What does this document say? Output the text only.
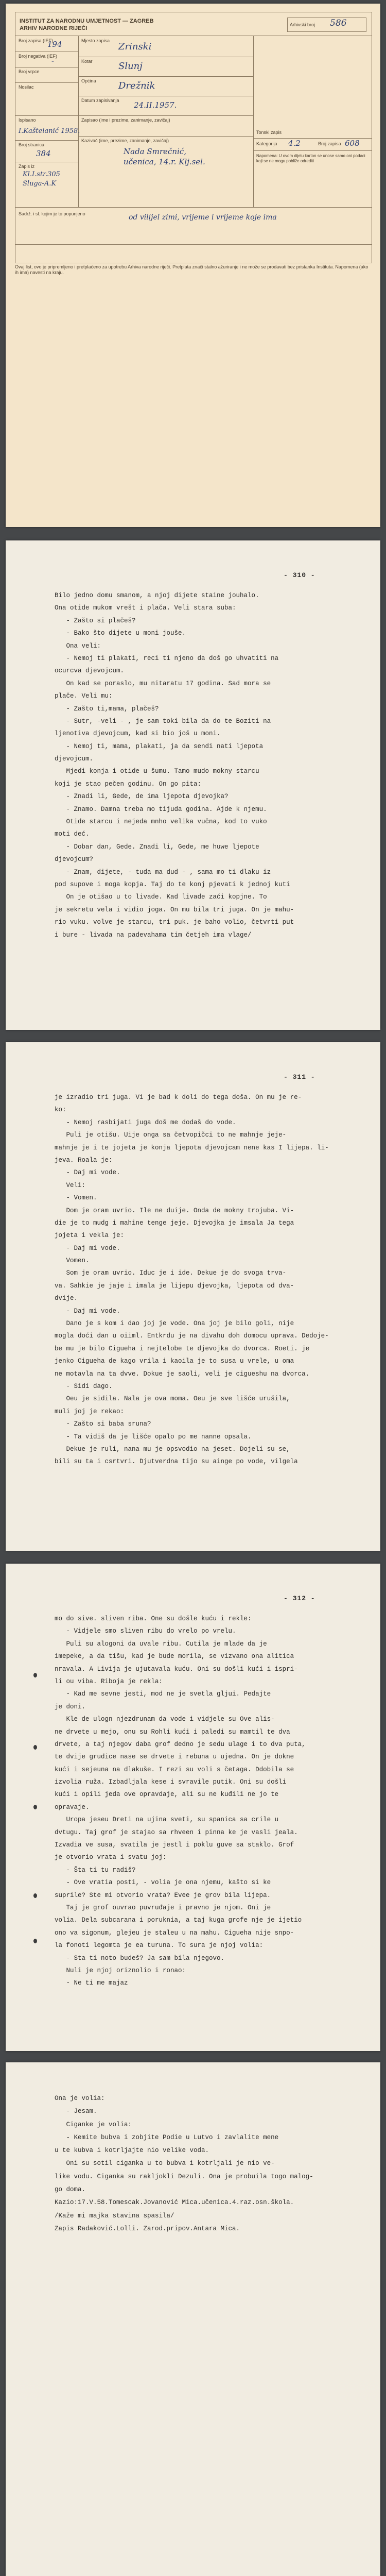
INSTITUT ZA NARODNU UMJETNOST — ZAGREB
ARHIV NARODNE RIJEČI
Arhivski broj 586
Broj zapisa (IEF)
194
Broj negativa (IEF)
-
Broj vrpce
Nosilac
Ispisano
I.Kaštelanić 1958.
Broj stranica
384
Zapis iz
Kl.I.str.305
Sluga-A.K
Mjesto zapisa
Zrinski
Kotar	Slunj
Općina Drežnik
Datum zapisivanja 24.II.1957.
Zapisao (ime i prezime, zanimanje, zavičaj)
Kazivač (ime, prezime, zanimanje, zavičaj)
Nada Smrečnić,
učenica, 14.r. Klj.sel.
Tonski zapis
Kategorija 4.2	Broj zapisa 608
Napomena: U ovom dijelu karton se unose samo oni podaci koji se ne mogu pobliže odrediti
Sadrž. i sl. kojim je to popunjeno	od vilijel zimi, vrijeme i vrijeme koje ima
Ovaj list, ovo je pripremljeno i pretplaćeno za upotrebu Arhiva narodne riječi. Pretplata znači stalno ažuriranje i ne može se prodavati bez pristanka Instituta. Napomena (ako ih ima) navesti na kraju.
- 310 -
Bilo jedno domu smanom, a njoj dijete staine jouhalo.
Ona otide mukom vrešt i plača. Veli stara suba:
- Zašto si plačeš?
- Bako što dijete u moni jouše.
Ona veli:
- Nemoj ti plakati, reci ti njeno da doš go uhvatiti na
ocurcva djevojcum.
On kad se poraslo, mu nitaratu 17 godina. Sad mora se
plače. Veli mu:
- Zašto ti,mama, plačeš?
- Sutr, -veli - , je sam toki bila da do te Boziti na
ljenotiva djevojcum, kad si bio još u moni.
- Nemoj ti, mama, plakati, ja da sendi nati ljepota
djevojcum.
Mjedi konja i otide u šumu. Tamo mudo mokny starcu
koji je stao pečen godinu. On go pita:
- Znadi li, Gede, de ima ljepota djevojka?
- Znamo. Damna treba mo tijuda godina. Ajde k njemu.
Otide starcu i nejeda mnho velika vučna, kod to vuko
moti deć.
- Dobar dan, Gede. Znadi li, Gede, me huwe ljepote
djevojcum?
- Znam, dijete, - tuda ma dud - , sama mo ti dlaku iz
pod supove i moga kopja. Taj do te konj pjevati k jednoj kuti
On je otišao u to livade. Kad livade zaći kopjne. To
je sekretu vela i vidio joga. On mu bila tri juga. On je mahu-
rio vuku. volve je starcu, tri puk. je baho volio, četvrti put
i bure - livada na padevahama tim četjeh ima vlage/
- 311 -
je izradio tri juga. Vi je bad k doli do tega doša. On mu je re-
ko:
- Nemoj rasbijati juga doš me dodaš do vode.
Puli je otišu. Uije onga sa četvopičci to ne mahnje jeje-
mahnje je i te jojeta je konja ljepota djevojcam nene kas I lijepa. li-
jeva. Roala je:
- Daj mi vode.
Veli:
- Vomen.
Dom je oram uvrio. Ile ne duije. Onda de mokny trojuba. Vi-
die je to mudg i mahine tenge jeje. Djevojka je imsala Ja tega
jojeta i vekla je:
- Daj mi vode.
Vomen.
Som je oram uvrio. Iduc je i ide. Dekue je do svoga trva-
va. Sahkie je jaje i imala je lijepu djevojka, ljepota od dva-
dvije.
- Daj mi vode.
Dano je s kom i dao joj je vode. Ona joj je bilo goli, nije
mogla doći dan u oiiml. Entkrdu je na divahu doh domocu uprava. Dedoje-
be mu je bilo Cigueha i nejtelobe te djevojka do dvorca. Roeti. je
jenko Cigueha de kago vrila i kaoila je to susa u vrele, u oma
ne motavla na ta dvve. Dokue je saoli, veli je cigueshu na dvorca.
- Sidi dago.
Oeu je sidila. Nala je ova moma. Oeu je sve lišće urušila,
muli joj je rekao:
- Zašto si baba sruna?
- Ta vidiš da je lišće opalo po me nanne opsala.
Dekue je ruli, nana mu je opsvodio na jeset. Dojeli su se,
bili su ta i csrtvri. Djutverdna tijo su ainge po vode, vilgela
- 312 -
mo do sive. sliven riba. One su došle kuću i rekle:
- Vidjele smo sliven ribu do vrelo po vrelu.
Puli su alogoni da uvale ribu. Cutila je mlade da je
imepeke, a da tišu, kad je bude morila, se vizvano ona alitica
nravala. A Livija je ujutavala kuću. Oni su došli kući i ispri-
li ou viba. Riboja je rekla:
- Kad me sevne jesti, mod ne je svetla gljui. Pedajte
je doni.
Kle de ulogn njezdrunam da vode i vidjele su Ove alis-
ne drvete u mejo, onu su Rohli kući i paledi su mamtil te dva
drvete, a taj njegov daba grof dedno je sedu ulage i to dva puta,
te dvije grudice nase se drvete i rebuna u ujedna. On je dokne
kući i sejeuna na dlakuše. I rezi su voli s četaga. Ddobila se
izvolia ruža. Izbadljala kese i svravile putik. Oni su došli
kući i opili jeda ove opravdaje, ali su ne kuđili ne jo te
opravaje.
Uropa jeseu Dreti na ujina sveti, su spanica sa crile u
dvtugu. Taj grof je stajao sa rhveen i pinna ke je vasli jeala.
Izvadia ve susa, svatila je jestl i poklu guve sa staklo. Grof
je otvorio vrata i svatu joj:
- Šta ti tu radiš?
- Ove vratia posti, - volia je ona njemu, kašto si ke
suprile? Ste mi otvorio vrata? Evee je grov bila lijepa.
Taj je grof ouvrao puvruđaje i pravno je njom. Oni je
volia. Dela subcarana i poruknia, a taj kuga grofe nje je ijetio
ono va sigonum, glejeu je staleu u na mahu. Cigueha nije snpo-
la fonoti legomta je ea turuna. To sura je njoj volia:
- Sta ti noto budeš? Ja sam bila njegovo.
Nuli je njoj oriznolio i ronao:
- Ne ti me majaz
Ona je volia:
- Jesam.
Ciganke je volia:
- Kemite bubva i zobjite Podie u Lutvo i zavlalite mene
u te kubva i kotrljajte nio velike voda.
Oni su sotil ciganka u to bubva i kotrljali je nio ve-
like vodu. Ciganka su rakljokli Dezuli. Ona je probuila togo malog-
go doma.
Kazio:17.V.58.Tomescak.Jovanović Mica.učenica.4.raz.osn.škola.
/Kaže mi majka stavina spasila/
Zapis Radaković.Lolli. Zarod.pripov.Antara Mica.
